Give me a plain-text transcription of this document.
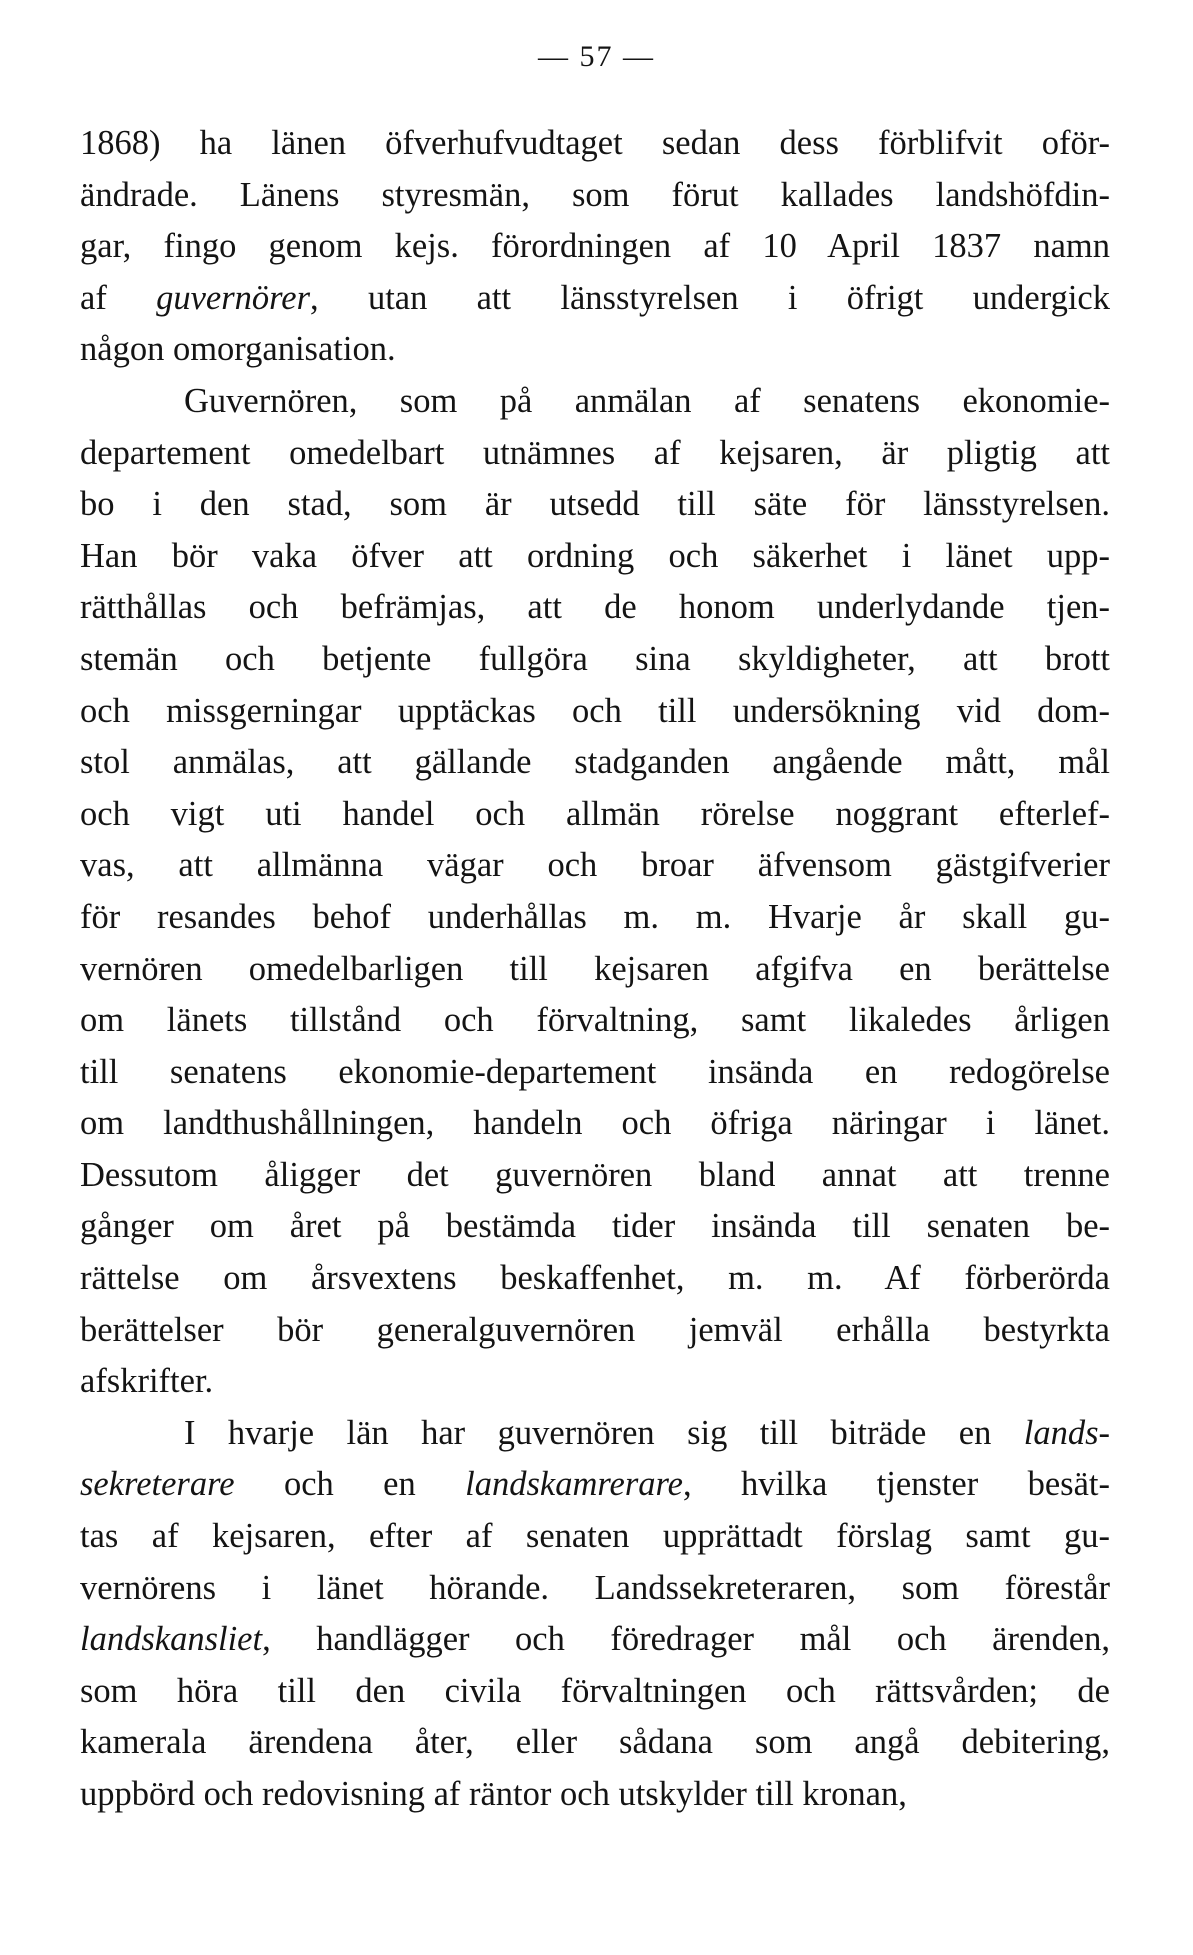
— 57 —
1868) ha länen öfverhufvudtaget sedan dess förblifvit oför-
ändrade. Länens styresmän, som förut kallades landshöfdin-
gar, fingo genom kejs. förordningen af 10 April 1837 namn
af guvernörer, utan att länsstyrelsen i öfrigt undergick
någon omorganisation.
Guvernören, som på anmälan af senatens ekonomie-
departement omedelbart utnämnes af kejsaren, är pligtig att
bo i den stad, som är utsedd till säte för länsstyrelsen.
Han bör vaka öfver att ordning och säkerhet i länet upp-
rätthållas och befrämjas, att de honom underlydande tjen-
stemän och betjente fullgöra sina skyldigheter, att brott
och missgerningar upptäckas och till undersökning vid dom-
stol anmälas, att gällande stadganden angående mått, mål
och vigt uti handel och allmän rörelse noggrant efterlef-
vas, att allmänna vägar och broar äfvensom gästgifverier
för resandes behof underhållas m. m. Hvarje år skall gu-
vernören omedelbarligen till kejsaren afgifva en berättelse
om länets tillstånd och förvaltning, samt likaledes årligen
till senatens ekonomie-departement insända en redogörelse
om landthushållningen, handeln och öfriga näringar i länet.
Dessutom åligger det guvernören bland annat att trenne
gånger om året på bestämda tider insända till senaten be-
rättelse om årsvextens beskaffenhet, m. m. Af förberörda
berättelser bör generalguvernören jemväl erhålla bestyrkta
afskrifter.
I hvarje län har guvernören sig till biträde en lands-
sekreterare och en landskamrerare, hvilka tjenster besät-
tas af kejsaren, efter af senaten upprättadt förslag samt gu-
vernörens i länet hörande. Landssekreteraren, som förestår
landskansliet, handlägger och föredrager mål och ärenden,
som höra till den civila förvaltningen och rättsvården; de
kamerala ärendena åter, eller sådana som angå debitering,
uppbörd och redovisning af räntor och utskylder till kronan,
